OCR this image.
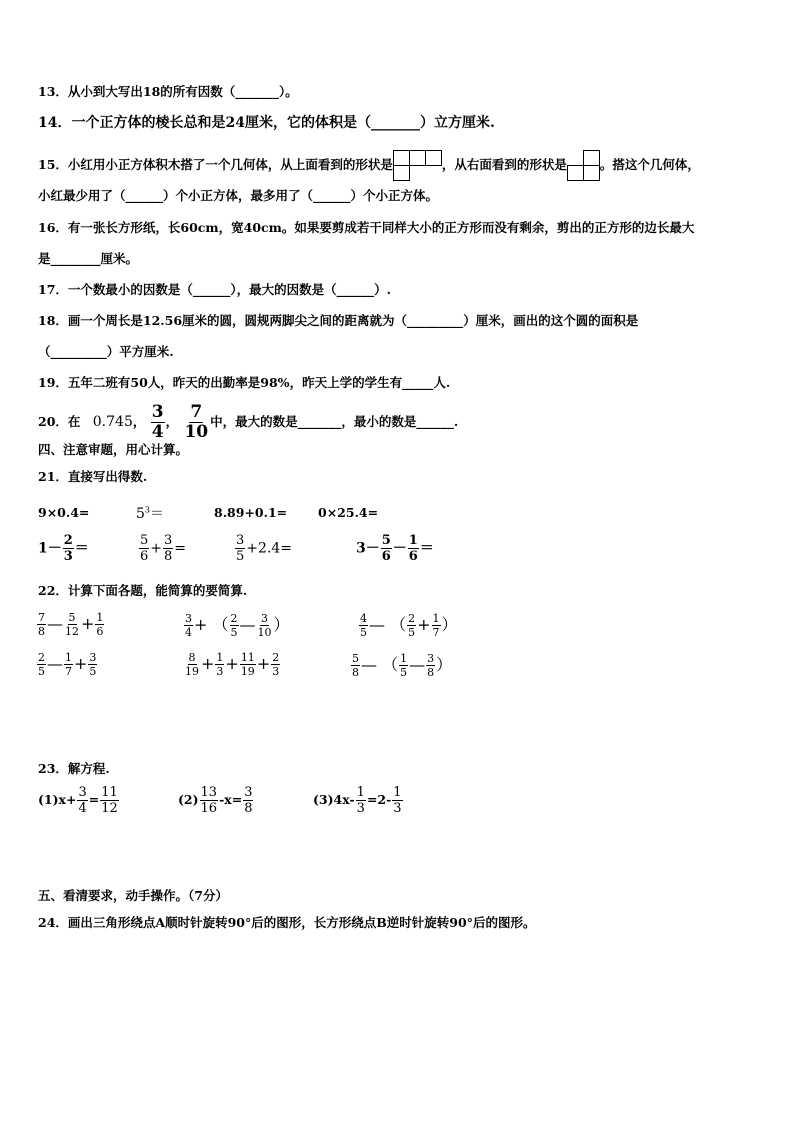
13．从小到大写出18的所有因数（_______）。
14．一个正方体的棱长总和是24厘米，它的体积是（_______）立方厘米.
15．小红用小正方体积木搭了一个几何体，从上面看到的形状是		
			，从右面看到的形状是	
		。搭这个几何体，
小红最少用了（______）个小正方体，最多用了（______）个小正方体。
16．有一张长方形纸，长60cm，宽40cm。如果要剪成若干同样大小的正方形而没有剩余，剪出的正方形的边长最大
是________厘米。
17．一个数最小的因数是（______），最大的因数是（______）.
18．画一个周长是12.56厘米的圆，圆规两脚尖之间的距离就为（_________）厘米，画出的这个圆的面积是
（_________）平方厘米.
19．五年二班有50人，昨天的出勤率是98%，昨天上学的学生有_____人.
20．在 0.745， $\frac{3}{4}$ ， $\frac{7}{10}$ 中，最大的数是_______，最小的数是______.
四、注意审题，用心计算。
21．直接写出得数.
9×0.4=	$5^3=$	8.89+0.1= 0×25.4=
$1- \frac{2}{3}$ ＝	$\frac{5}{6} + \frac{3}{8}$ =	$\frac{3}{5} +2.4=$	$3- \frac{5}{6} - \frac{1}{6}$ ＝
22．计算下面各题，能简算的要简算.
$\frac{7}{8}$ — $\frac{5}{12} + \frac{1}{6}$	$\frac{3}{4}$ + （ $\frac{2}{5}$ — $\frac{3}{10}$ ）	$\frac{4}{5}$ — （ $\frac{2}{5} + \frac{1}{7}$ ）
$\frac{2}{5}$ — $\frac{1}{7} + \frac{3}{5}$	$\frac{8}{19} + \frac{1}{3} + \frac{11}{19} + \frac{2}{3}$	$\frac{5}{8}$ — （ $\frac{1}{5}$ — $\frac{3}{8}$ ）
23．解方程.
$(1)x+ \frac{3}{4} = \frac{11}{12}$	$(2) \frac{13}{16} -x= \frac{3}{8}$	$(3)4x- \frac{1}{3} =2- \frac{1}{3}$
五、看清要求，动手操作。（7分）
24．画出三角形绕点A顺时针旋转90°后的图形，长方形绕点B逆时针旋转90°后的图形。
